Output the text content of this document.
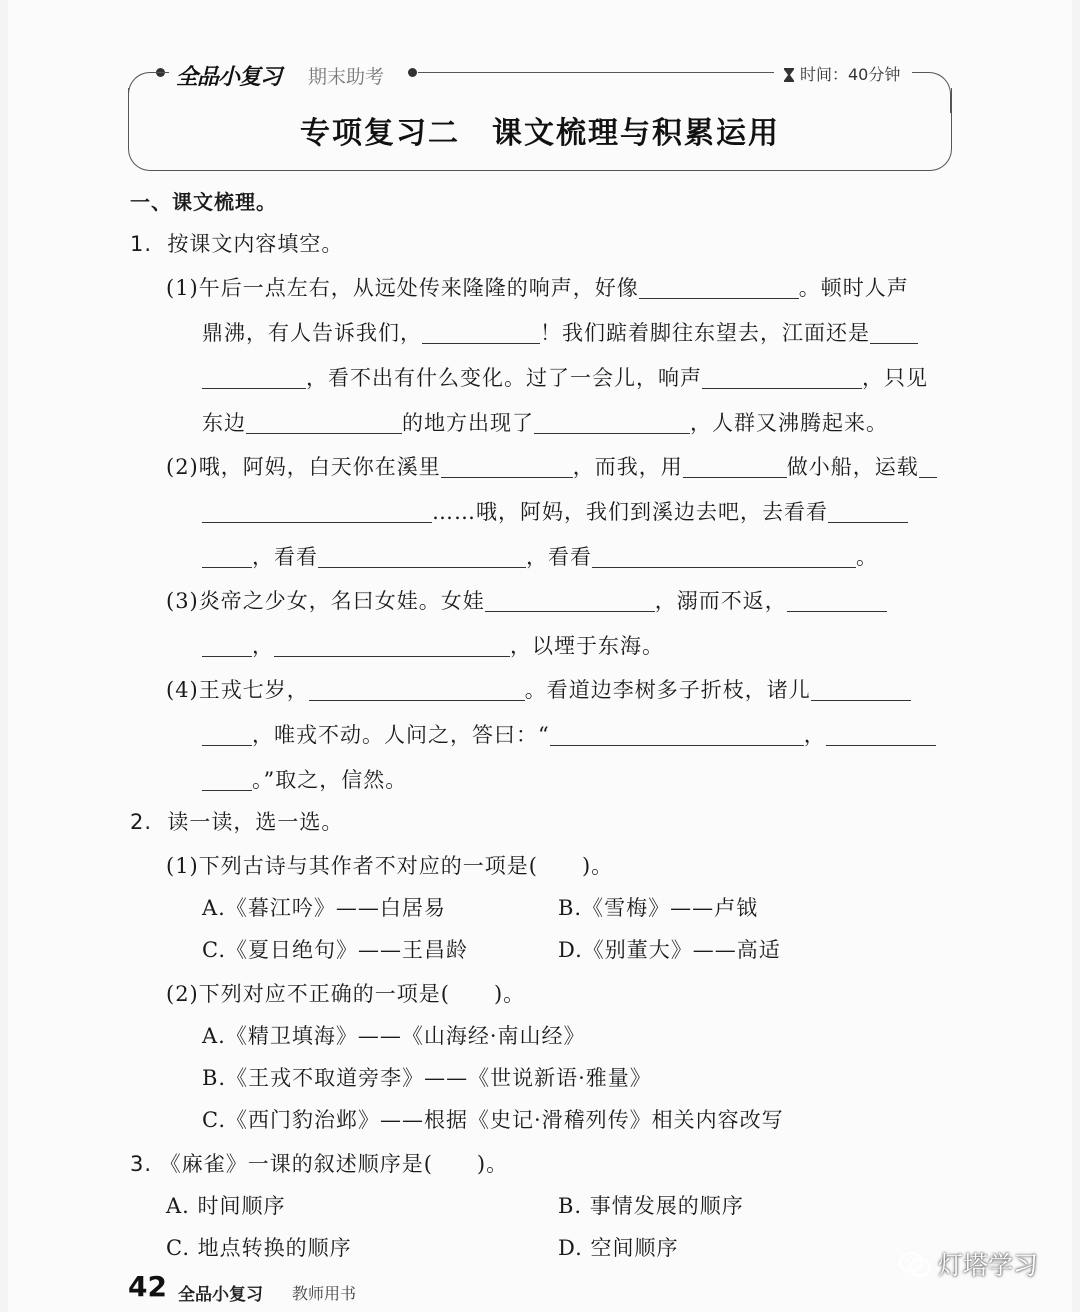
全品小复习 期末助考	时间：40分钟
专项复习二　课文梳理与积累运用
一、课文梳理。
1. 按课文内容填空。
(1)午后一点左右，从远处传来隆隆的响声，好像	。顿时人声
鼎沸，有人告诉我们，	！我们踮着脚往东望去，江面还是
，看不出有什么变化。过了一会儿，响声	，只见
东边	的地方出现了	，人群又沸腾起来。
(2)哦，阿妈，白天你在溪里	，而我，用	做小船，运载
……哦，阿妈，我们到溪边去吧，去看看
，看看	，看看	。
(3)炎帝之少女，名曰女娃。女娃	，溺而不返，
，	，以堙于东海。
(4)王戎七岁，	。看道边李树多子折枝，诸儿
，唯戎不动。人问之，答曰：“	，
。”取之，信然。
2. 读一读，选一选。
(1)下列古诗与其作者不对应的一项是(　　)。
A.《暮江吟》——白居易	B.《雪梅》——卢钺
C.《夏日绝句》——王昌龄	D.《别董大》——高适
(2)下列对应不正确的一项是(　　)。
A.《精卫填海》——《山海经·南山经》
B.《王戎不取道旁李》——《世说新语·雅量》
C.《西门豹治邺》——根据《史记·滑稽列传》相关内容改写
3. 《麻雀》一课的叙述顺序是(　　)。
A. 时间顺序	B. 事情发展的顺序
C. 地点转换的顺序	D. 空间顺序
42 全品小复习 教师用书
灯塔学习
